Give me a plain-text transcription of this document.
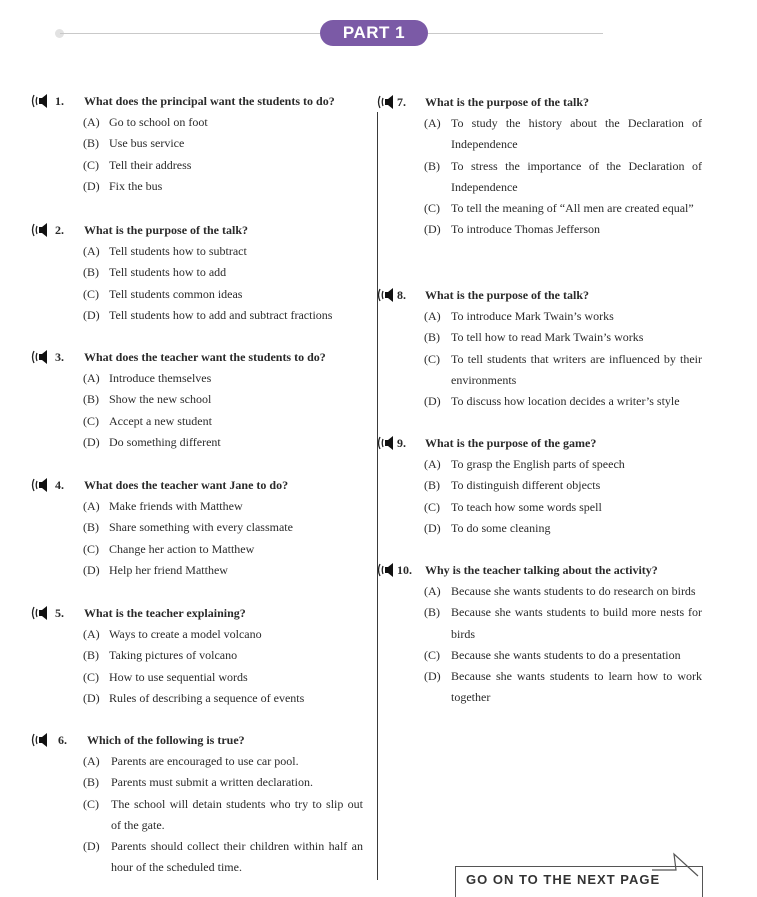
PART 1
1. What does the principal want the students to do?
(A) Go to school on foot
(B) Use bus service
(C) Tell their address
(D) Fix the bus
2. What is the purpose of the talk?
(A) Tell students how to subtract
(B) Tell students how to add
(C) Tell students common ideas
(D) Tell students how to add and subtract fractions
3. What does the teacher want the students to do?
(A) Introduce themselves
(B) Show the new school
(C) Accept a new student
(D) Do something different
4. What does the teacher want Jane to do?
(A) Make friends with Matthew
(B) Share something with every classmate
(C) Change her action to Matthew
(D) Help her friend Matthew
5. What is the teacher explaining?
(A) Ways to create a model volcano
(B) Taking pictures of volcano
(C) How to use sequential words
(D) Rules of describing a sequence of events
6. Which of the following is true?
(A) Parents are encouraged to use car pool.
(B) Parents must submit a written declaration.
(C) The school will detain students who try to slip out of the gate.
(D) Parents should collect their children within half an hour of the scheduled time.
7. What is the purpose of the talk?
(A) To study the history about the Declaration of Independence
(B) To stress the importance of the Declaration of Independence
(C) To tell the meaning of “All men are created equal”
(D) To introduce Thomas Jefferson
8. What is the purpose of the talk?
(A) To introduce Mark Twain’s works
(B) To tell how to read Mark Twain’s works
(C) To tell students that writers are influenced by their environments
(D) To discuss how location decides a writer’s style
9. What is the purpose of the game?
(A) To grasp the English parts of speech
(B) To distinguish different objects
(C) To teach how some words spell
(D) To do some cleaning
10. Why is the teacher talking about the activity?
(A) Because she wants students to do research on birds
(B) Because she wants students to build more nests for birds
(C) Because she wants students to do a presentation
(D) Because she wants students to learn how to work together
GO ON TO THE NEXT PAGE
